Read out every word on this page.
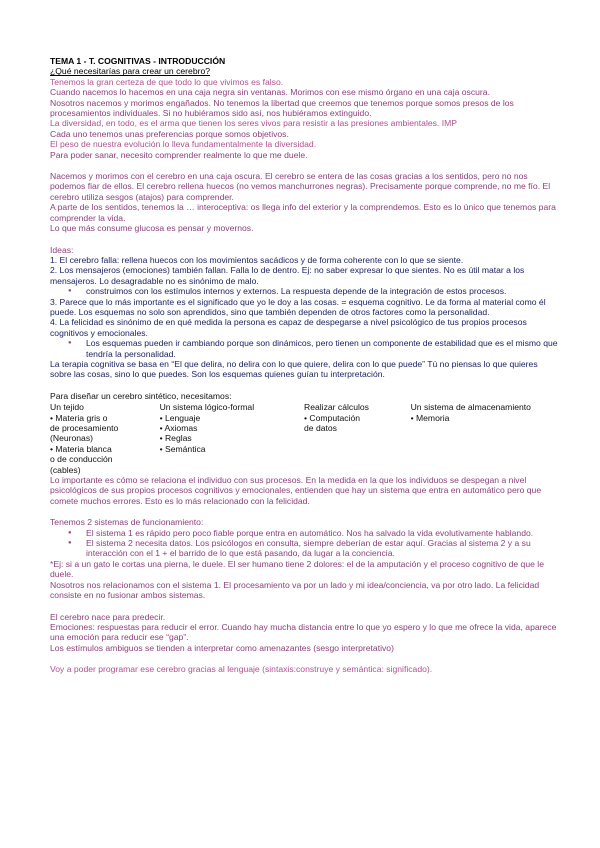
TEMA 1 - T. COGNITIVAS - INTRODUCCIÓN

¿Qué necesitarías para crear un cerebro?

Tenemos la gran certeza de que todo lo que vivimos es falso.

Cuando nacemos lo hacemos en una caja negra sin ventanas. Morimos con ese mismo órgano en una caja oscura.

Nosotros nacemos y morimos engañados. No tenemos la libertad que creemos que tenemos porque somos presos de los procesamientos individuales. Si no hubiéramos sido así, nos hubiéramos extinguido.

La diversidad, en todo, es el arma que tienen los seres vivos para resistir a las presiones ambientales. IMP

Cada uno tenemos unas preferencias porque somos objetivos.

El peso de nuestra evolución lo lleva fundamentalmente la diversidad.

Para poder sanar, necesito comprender realmente lo que me duele.

Nacemos y morimos con el cerebro en una caja oscura. El cerebro se entera de las cosas gracias a los sentidos, pero no nos podemos fiar de ellos. El cerebro rellena huecos (no vemos manchurrones negras). Precisamente porque comprende, no me fío. El cerebro utiliza sesgos (atajos) para comprender.

A parte de los sentidos, tenemos la … interoceptiva: os llega info del exterior y la comprendemos. Esto es lo único que tenemos para comprender la vida.

Lo que más consume glucosa es pensar y movernos.

Ideas:

1. El cerebro falla: rellena huecos con los movimientos sacádicos y de forma coherente con lo que se siente.

2. Los mensajeros (emociones) también fallan. Falla lo de dentro. Ej: no saber expresar lo que sientes. No es útil matar a los mensajeros. Lo desagradable no es sinónimo de malo.

● construimos con los estímulos internos y externos. La respuesta depende de la integración de estos procesos.

3. Parece que lo más importante es el significado que yo le doy a las cosas. = esquema cognitivo. Le da forma al material como él puede. Los esquemas no solo son aprendidos, sino que también dependen de otros factores como la personalidad.

4. La felicidad es sinónimo de en qué medida la persona es capaz de despegarse a nivel psicológico de tus propios procesos cognitivos y emocionales.

● Los esquemas pueden ir cambiando porque son dinámicos, pero tienen un componente de estabilidad que es el mismo que tendría la personalidad.

La terapia cognitiva se basa en “El que delira, no delira con lo que quiere, delira con lo que puede” Tú no piensas lo que quieres sobre las cosas, sino lo que puedes. Son los esquemas quienes guían tu interpretación.

Para diseñar un cerebro sintético, necesitamos:

Un tejido

• Materia gris o

de procesamiento

(Neuronas)

• Materia blanca

o de conducción

(cables)

Un sistema lógico-formal

• Lenguaje

• Axiomas

• Reglas

• Semántica

Realizar cálculos

• Computación

de datos

Un sistema de almacenamiento

• Memoria

Lo importante es cómo se relaciona el individuo con sus procesos. En la medida en la que los individuos se despegan a nivel psicológicos de sus propios procesos cognitivos y emocionales, entienden que hay un sistema que entra en automático pero que comete muchos errores. Esto es lo más relacionado con la felicidad.

Tenemos 2 sistemas de funcionamiento:

● El sistema 1 es rápido pero poco fiable porque entra en automático. Nos ha salvado la vida evolutivamente hablando.
● El sistema 2 necesita datos. Los psicólogos en consulta, siempre deberían de estar aquí. Gracias al sistema 2 y a su interacción con el 1 + el barrido de lo que está pasando, da lugar a la conciencia.

*Ej: si a un gato le cortas una pierna, le duele. El ser humano tiene 2 dolores: el de la amputación y el proceso cognitivo de que le duele.

Nosotros nos relacionamos con el sistema 1. El procesamiento va por un lado y mi idea/conciencia, va por otro lado. La felicidad consiste en no fusionar ambos sistemas.

El cerebro nace para predecir.

Emociones: respuestas para reducir el error. Cuando hay mucha distancia entre lo que yo espero y lo que me ofrece la vida, aparece una emoción para reducir ese “gap”.

Los estímulos ambiguos se tienden a interpretar como amenazantes (sesgo interpretativo)

Voy a poder programar ese cerebro gracias al lenguaje (sintaxis:construye y semántica: significado).
